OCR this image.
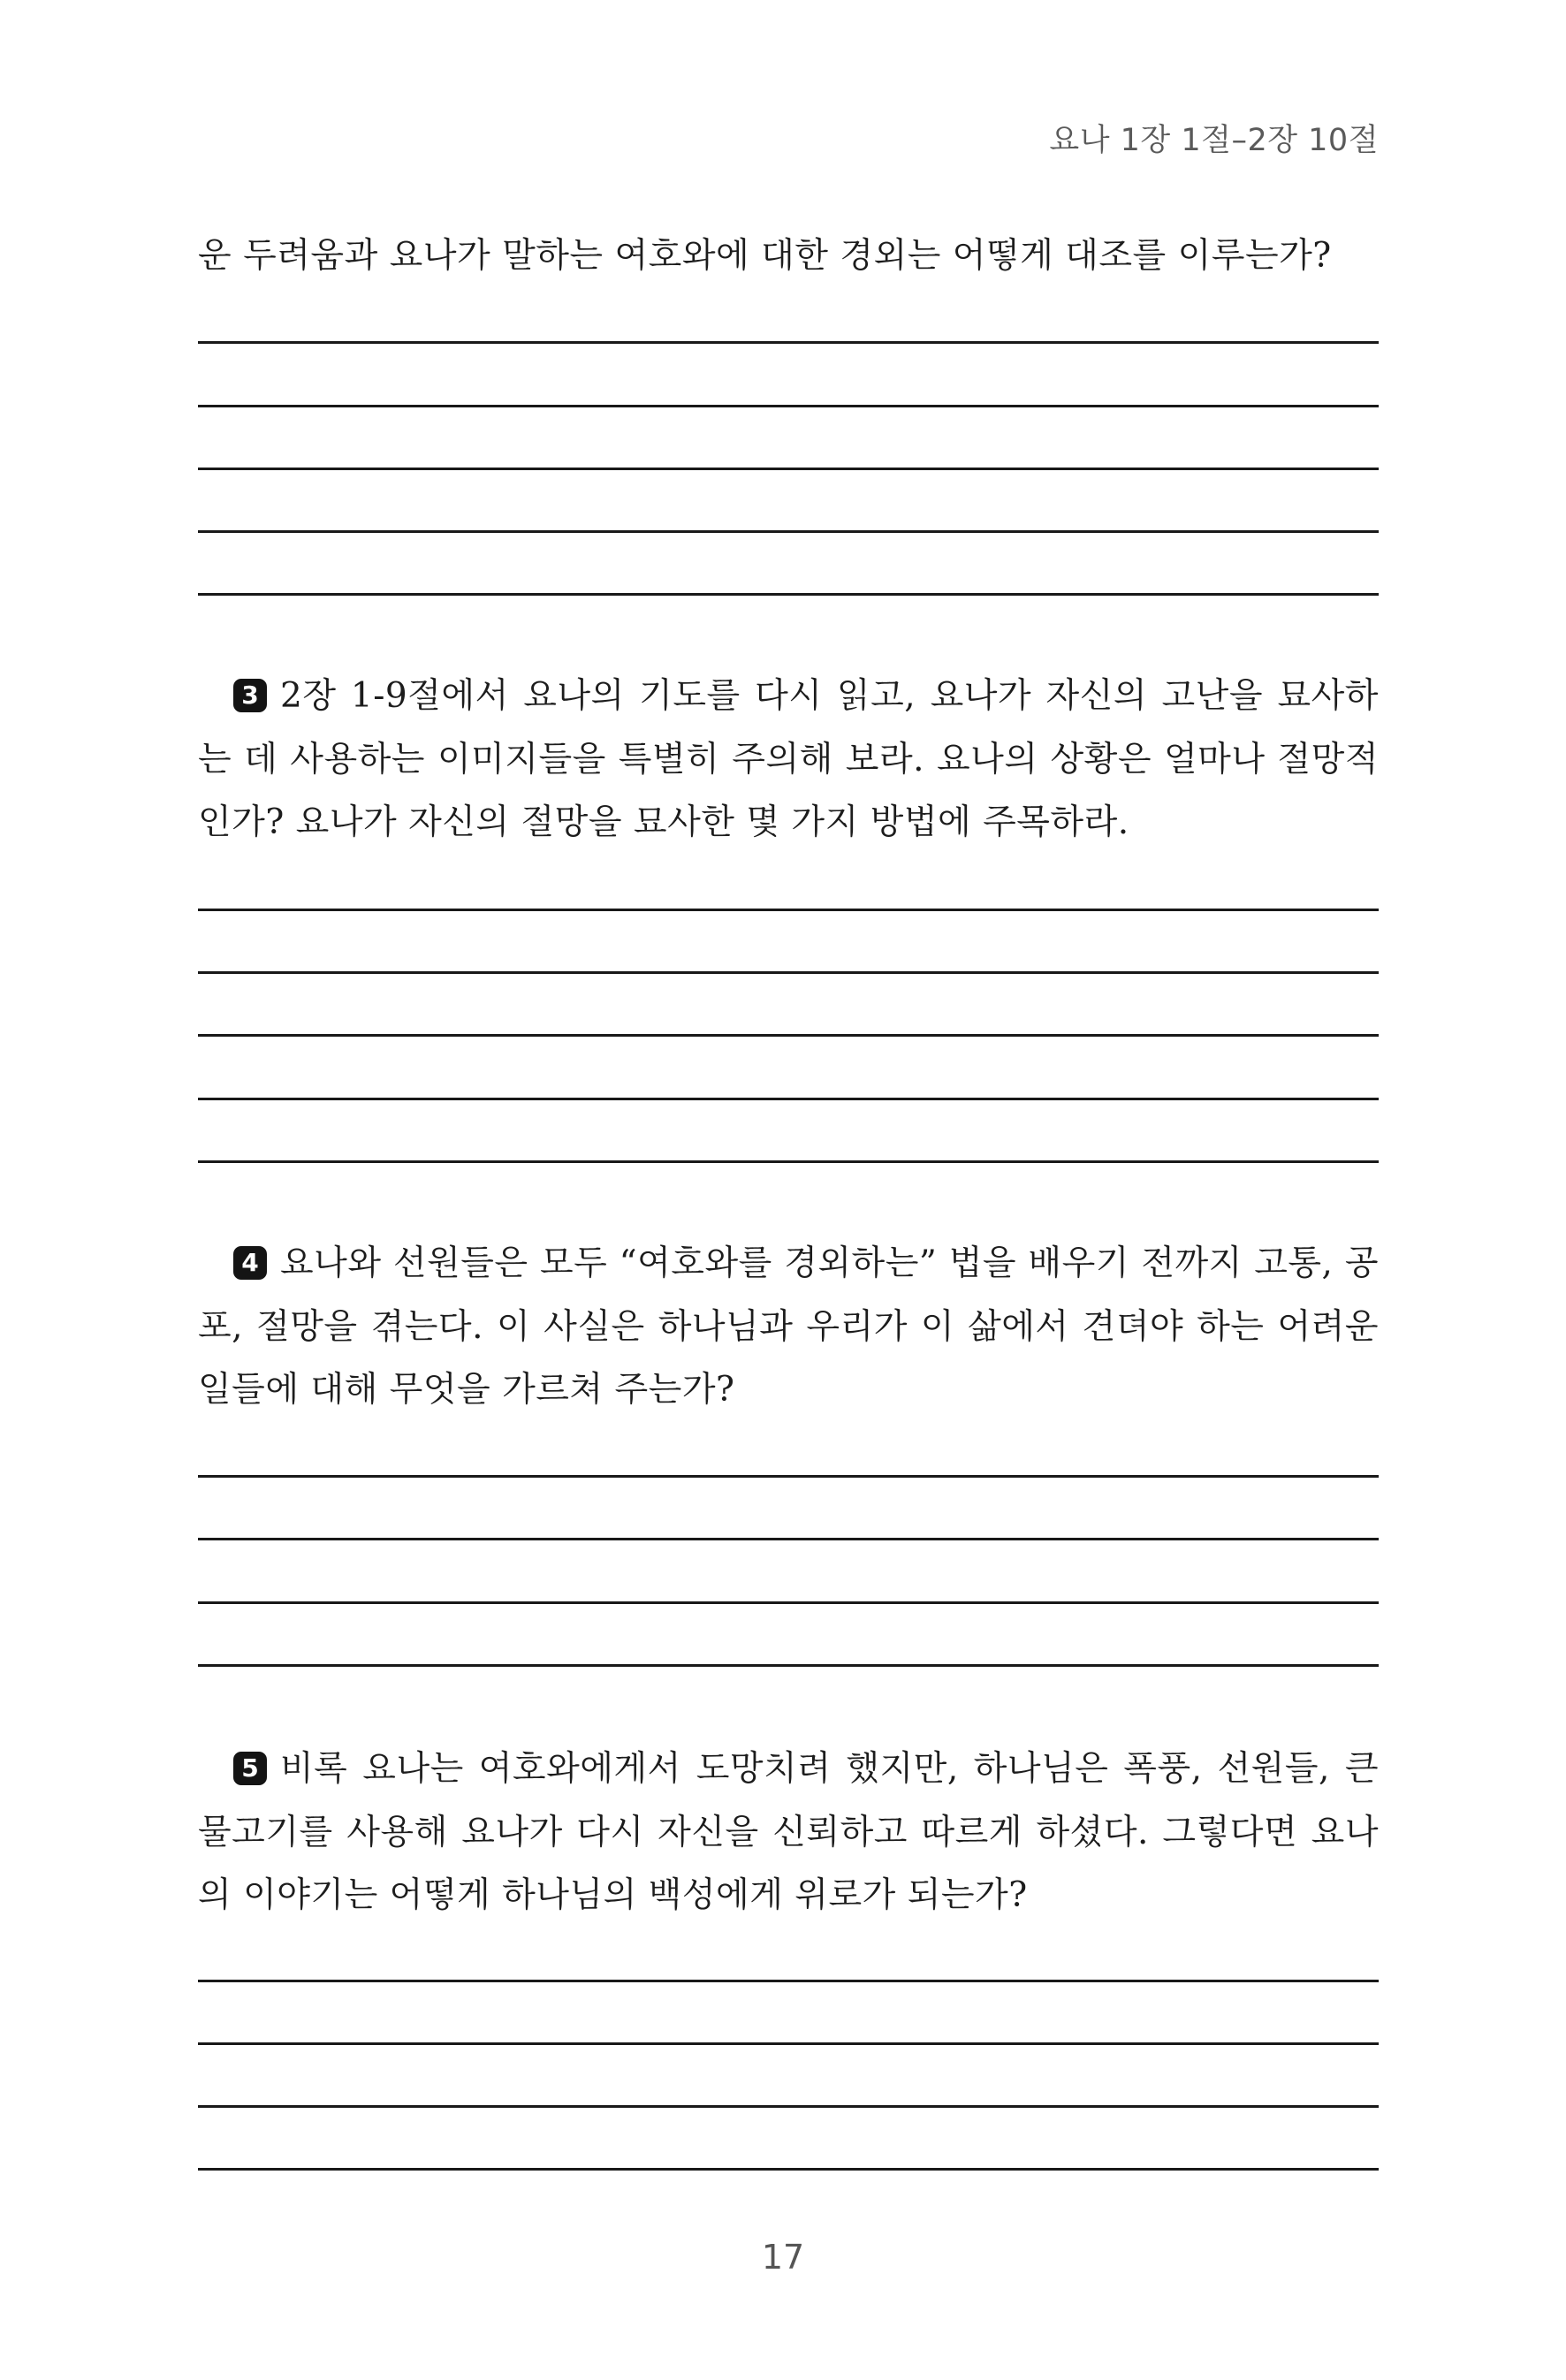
요나 1장 1절–2장 10절
운 두려움과 요나가 말하는 여호와에 대한 경외는 어떻게 대조를 이루는가?
3 2장 1-9절에서 요나의 기도를 다시 읽고, 요나가 자신의 고난을 묘사하
는 데 사용하는 이미지들을 특별히 주의해 보라. 요나의 상황은 얼마나 절망적
인가? 요나가 자신의 절망을 묘사한 몇 가지 방법에 주목하라.
4 요나와 선원들은 모두 “여호와를 경외하는” 법을 배우기 전까지 고통, 공
포, 절망을 겪는다. 이 사실은 하나님과 우리가 이 삶에서 견뎌야 하는 어려운
일들에 대해 무엇을 가르쳐 주는가?
5 비록 요나는 여호와에게서 도망치려 했지만, 하나님은 폭풍, 선원들, 큰
물고기를 사용해 요나가 다시 자신을 신뢰하고 따르게 하셨다. 그렇다면 요나
의 이야기는 어떻게 하나님의 백성에게 위로가 되는가?
17
